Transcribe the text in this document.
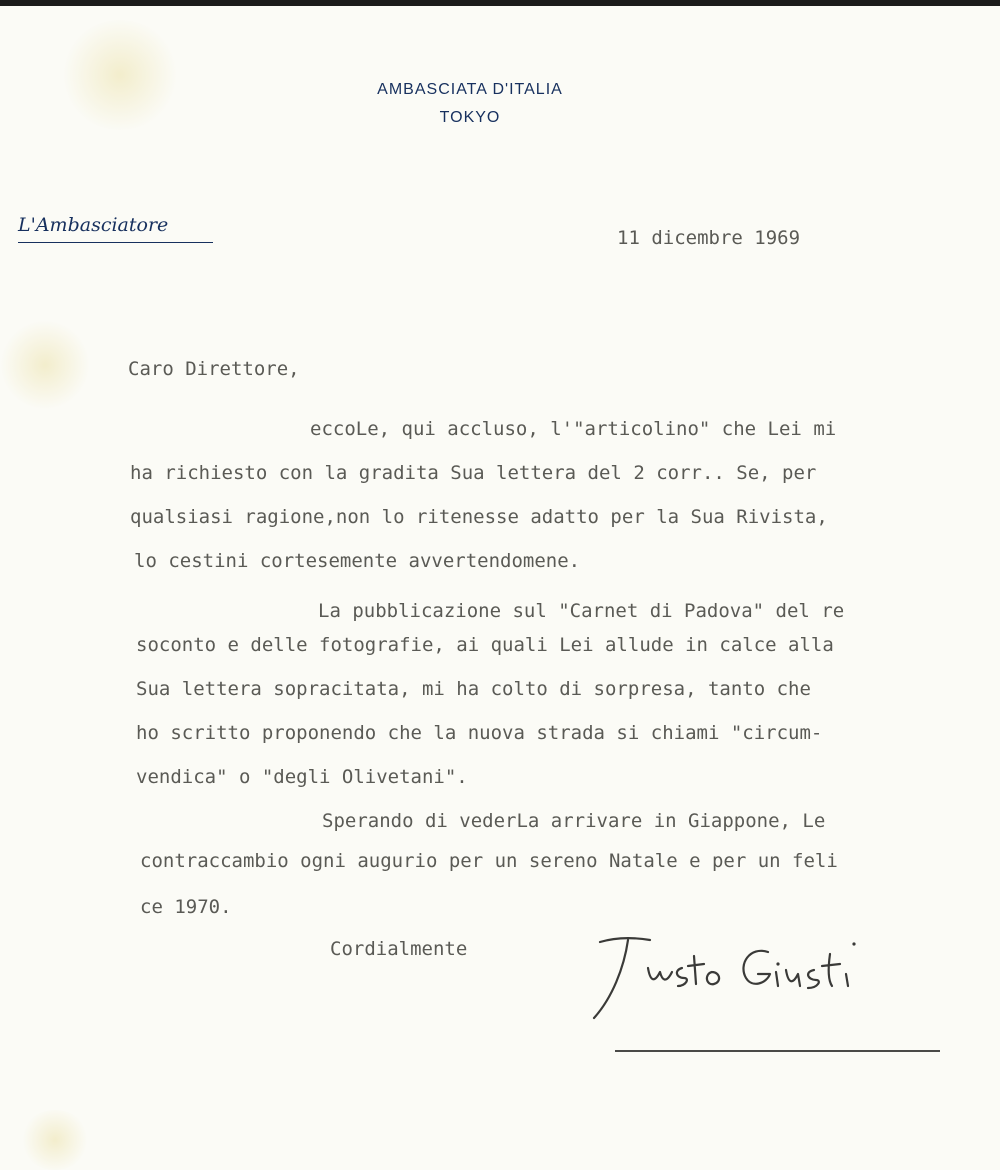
AMBASCIATA D'ITALIA
TOKYO
L'Ambasciatore
11 dicembre 1969
Caro Direttore,

eccoLe, qui accluso, l'"articolino" che Lei mi

ha richiesto con la gradita Sua lettera del 2 corr.. Se, per

qualsiasi ragione,non lo ritenesse adatto per la Sua Rivista,

lo cestini cortesemente avvertendomene.

La pubblicazione sul "Carnet di Padova" del re

soconto e delle fotografie, ai quali Lei allude in calce alla

Sua lettera sopracitata, mi ha colto di sorpresa, tanto che

ho scritto proponendo che la nuova strada si chiami "circum-

vendica" o "degli Olivetani".

Sperando di vederLa arrivare in Giappone, Le

contraccambio ogni augurio per un sereno Natale e per un feli

ce 1970.

Cordialmente
